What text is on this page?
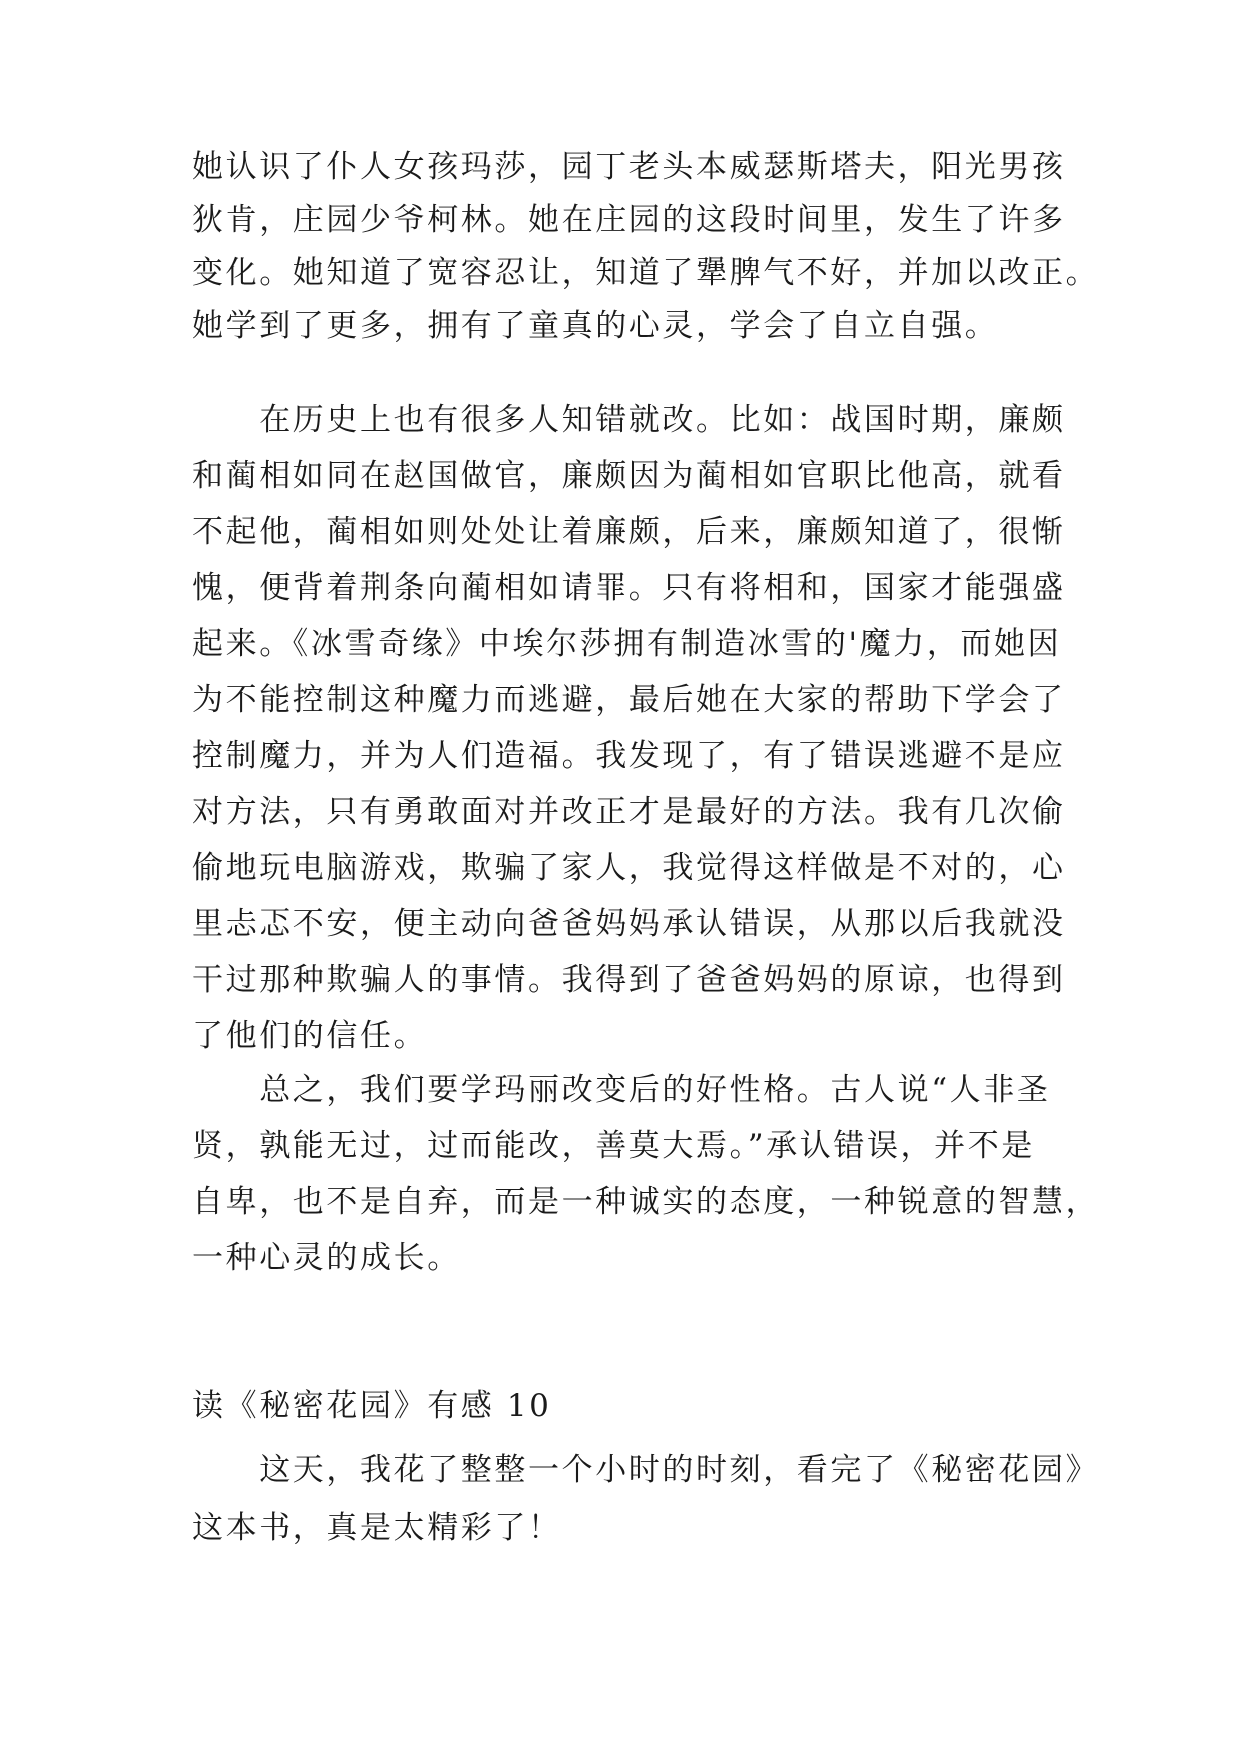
她认识了仆人女孩玛莎，园丁老头本威瑟斯塔夫，阳光男孩
狄肯，庄园少爷柯林。她在庄园的这段时间里，发生了许多
变化。她知道了宽容忍让，知道了犟脾气不好，并加以改正。
她学到了更多，拥有了童真的心灵，学会了自立自强。
　　在历史上也有很多人知错就改。比如：战国时期，廉颇
和蔺相如同在赵国做官，廉颇因为蔺相如官职比他高，就看
不起他，蔺相如则处处让着廉颇，后来，廉颇知道了，很惭
愧，便背着荆条向蔺相如请罪。只有将相和，国家才能强盛
起来。《冰雪奇缘》中埃尔莎拥有制造冰雪的'魔力，而她因
为不能控制这种魔力而逃避，最后她在大家的帮助下学会了
控制魔力，并为人们造福。我发现了，有了错误逃避不是应
对方法，只有勇敢面对并改正才是最好的方法。我有几次偷
偷地玩电脑游戏，欺骗了家人，我觉得这样做是不对的，心
里忐忑不安，便主动向爸爸妈妈承认错误，从那以后我就没
干过那种欺骗人的事情。我得到了爸爸妈妈的原谅，也得到
了他们的信任。
　　总之，我们要学玛丽改变后的好性格。古人说“人非圣
贤，孰能无过，过而能改，善莫大焉。”承认错误，并不是
自卑，也不是自弃，而是一种诚实的态度，一种锐意的智慧，
一种心灵的成长。
读《秘密花园》有感 10
　　这天，我花了整整一个小时的时刻，看完了《秘密花园》
这本书，真是太精彩了！
